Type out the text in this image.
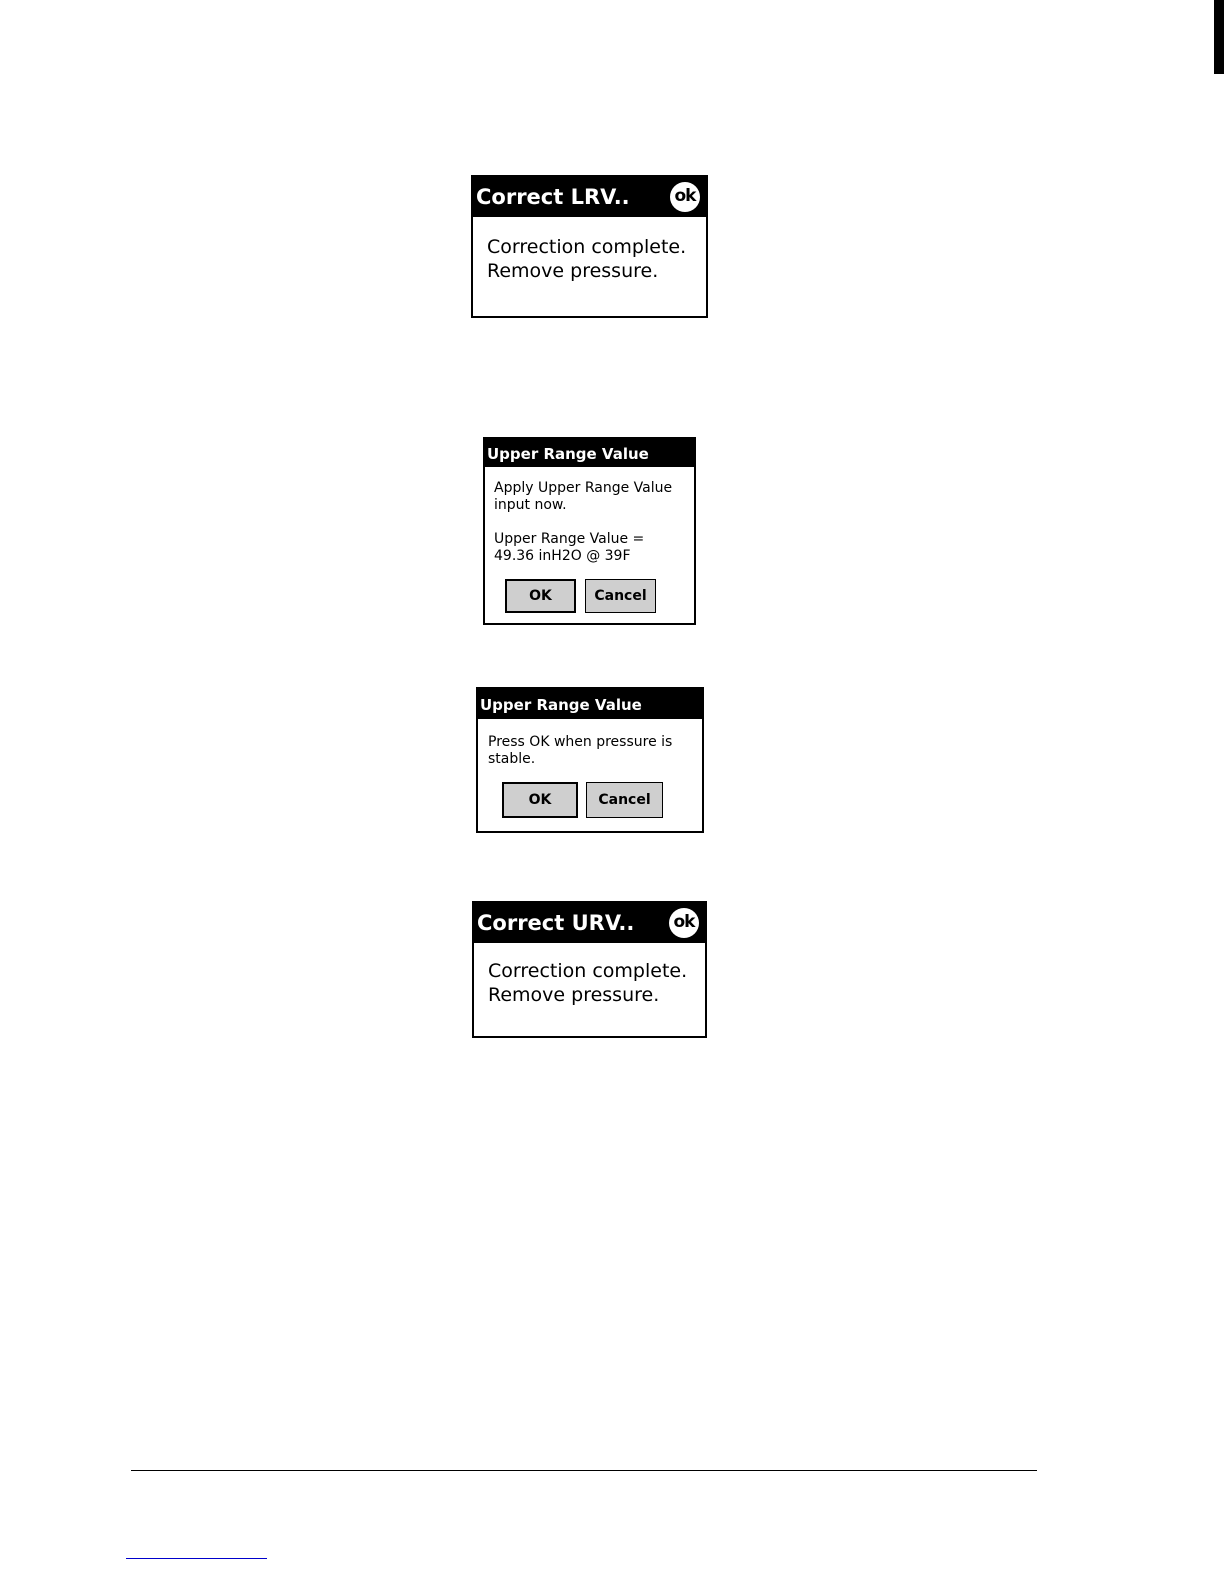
Correct LRV..	ok

Correction complete.

Remove pressure.

Upper Range Value

Apply Upper Range Value

input now.

Upper Range Value =

49.36 inH2O @ 39F

OK	Cancel
Upper Range Value

Press OK when pressure is

stable.

OK	Cancel
Correct URV.. ok

Correction complete.

Remove pressure.
